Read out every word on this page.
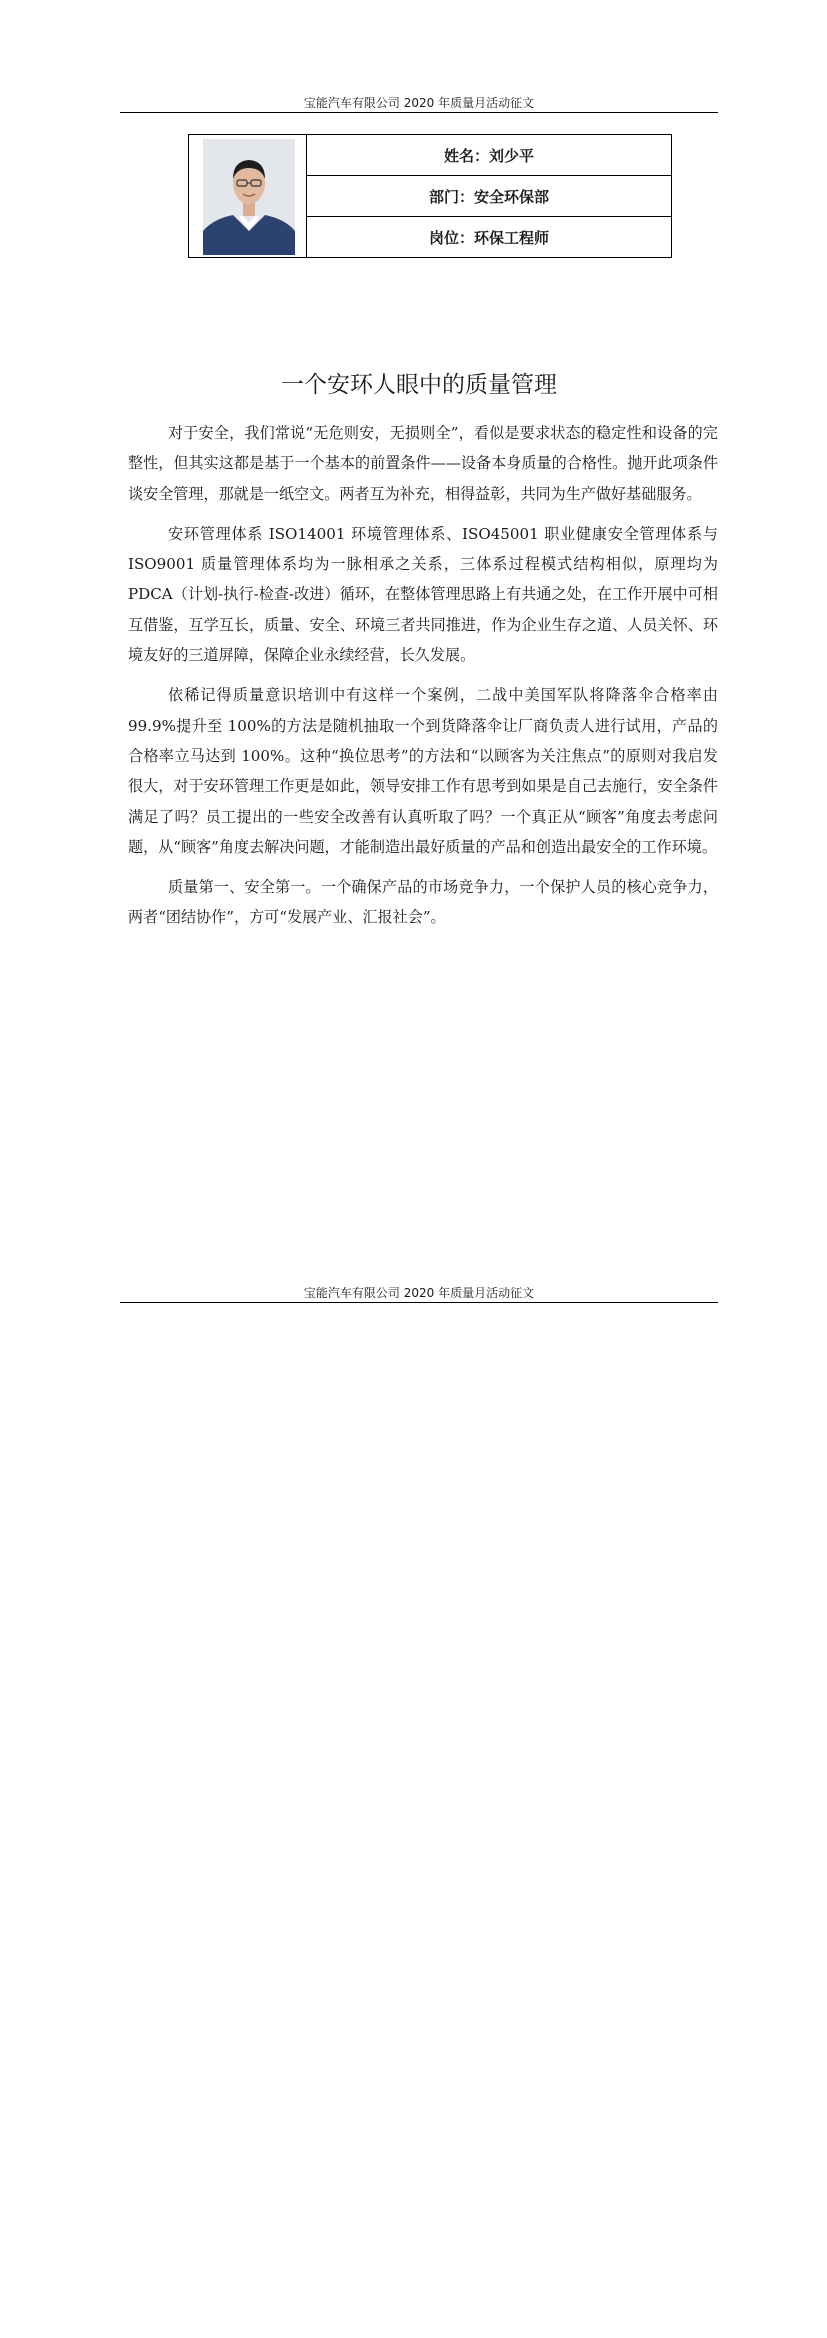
宝能汽车有限公司 2020 年质量月活动征文
姓名：刘少平
部门：安全环保部
岗位：环保工程师
一个安环人眼中的质量管理

对于安全，我们常说“无危则安，无损则全”，看似是要求状态的稳定性和设备的完整性，但其实这都是基于一个基本的前置条件——设备本身质量的合格性。抛开此项条件谈安全管理，那就是一纸空文。两者互为补充，相得益彰，共同为生产做好基础服务。

安环管理体系 ISO14001 环境管理体系、ISO45001 职业健康安全管理体系与 ISO9001 质量管理体系均为一脉相承之关系，三体系过程模式结构相似，原理均为 PDCA（计划-执行-检查-改进）循环，在整体管理思路上有共通之处，在工作开展中可相互借鉴，互学互长，质量、安全、环境三者共同推进，作为企业生存之道、人员关怀、环境友好的三道屏障，保障企业永续经营，长久发展。

依稀记得质量意识培训中有这样一个案例，二战中美国军队将降落伞合格率由 99.9%提升至 100%的方法是随机抽取一个到货降落伞让厂商负责人进行试用，产品的合格率立马达到 100%。这种“换位思考”的方法和“以顾客为关注焦点”的原则对我启发很大，对于安环管理工作更是如此，领导安排工作有思考到如果是自己去施行，安全条件满足了吗？员工提出的一些安全改善有认真听取了吗？一个真正从“顾客”角度去考虑问题，从“顾客”角度去解决问题，才能制造出最好质量的产品和创造出最安全的工作环境。

质量第一、安全第一。一个确保产品的市场竞争力，一个保护人员的核心竞争力，两者“团结协作”，方可“发展产业、汇报社会”。

宝能汽车有限公司 2020 年质量月活动征文
